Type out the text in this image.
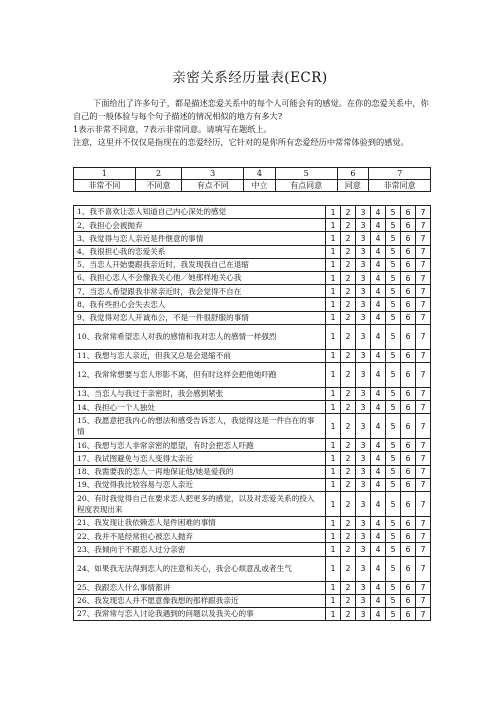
亲密关系经历量表(ECR)

下面给出了许多句子，都是描述恋爱关系中的每个人可能会有的感觉。在你的恋爱关系中，你自己的一般体验与每个句子描述的情况相似的地方有多大?

1表示非常不同意，7表示非常同意。请填写在题纸上。

注意，这里并不仅仅是指现在的恋爱经历，它针对的是你所有恋爱经历中常常体验到的感觉。

1	2	3	4	5	6	7
非常不同	不同意	有点不同	中立	有点同意	同意	非常同意
1、我不喜欢让恋人知道自己内心深处的感觉	1	2	3	4	5	6	7
2、我担心会被抛弃	1	2	3	4	5	6	7
3、我觉得与恋人亲近是件惬意的事情	1	2	3	4	5	6	7
4、我很担心我的恋爱关系	1	2	3	4	5	6	7
5、当恋人开始要跟我亲近时，我发现我自己在退缩	1	2	3	4	5	6	7
6、我担心恋人不会像我关心他／她那样地关心我	1	2	3	4	5	6	7
7、当恋人希望跟我非常亲近时，我会觉得不自在	1	2	3	4	5	6	7
8、我有些担心会失去恋人	1	2	3	4	5	6	7
9、我觉得对恋人开诚布公，不是一件很舒服的事情	1	2	3	4	5	6	7
10、我常常希望恋人对我的感情和我对恋人的感情一样强烈	1	2	3	4	5	6	7
11、我想与恋人亲近，但我又总是会退缩不前	1	2	3	4	5	6	7
12、我常常想要与恋人形影不离，但有时这样会把他她吓跑	1	2	3	4	5	6	7
13、当恋人与我过于亲密时，我会感到紧张	1	2	3	4	5	6	7
14、我担心一个人独处	1	2	3	4	5	6	7
15、我愿意把我内心的想法和感受告诉恋人，我觉得这是一件自在的事情	1	2	3	4	5	6	7
16、我想与恋人非常亲密的愿望，有时会把恋人吓跑	1	2	3	4	5	6	7
17、我试图避免与恋人变得太亲近	1	2	3	4	5	6	7
18、我需要我的恋人一再地保证他/她是爱我的	1	2	3	4	5	6	7
19、我觉得我比较容易与恋人亲近	1	2	3	4	5	6	7
20、有时我觉得自己在要求恋人把更多的感觉，以及对恋爱关系的投入程度表现出来	1	2	3	4	5	6	7
21、我发现让我依赖恋人是件困难的事情	1	2	3	4	5	6	7
22、我并不是经常担心被恋人抛弃	1	2	3	4	5	6	7
23、我倾向于不跟恋人过分亲密	1	2	3	4	5	6	7
24、如果我无法得到恋人的注意和关心，我会心烦意乱或者生气	1	2	3	4	5	6	7
25、我跟恋人什么事情都讲	1	2	3	4	5	6	7
26、我发现恋人并不愿意像我想的那样跟我亲近	1	2	3	4	5	6	7
27、我常常与恋人讨论我遇到的问题以及我关心的事	1	2	3	4	5	6	7
